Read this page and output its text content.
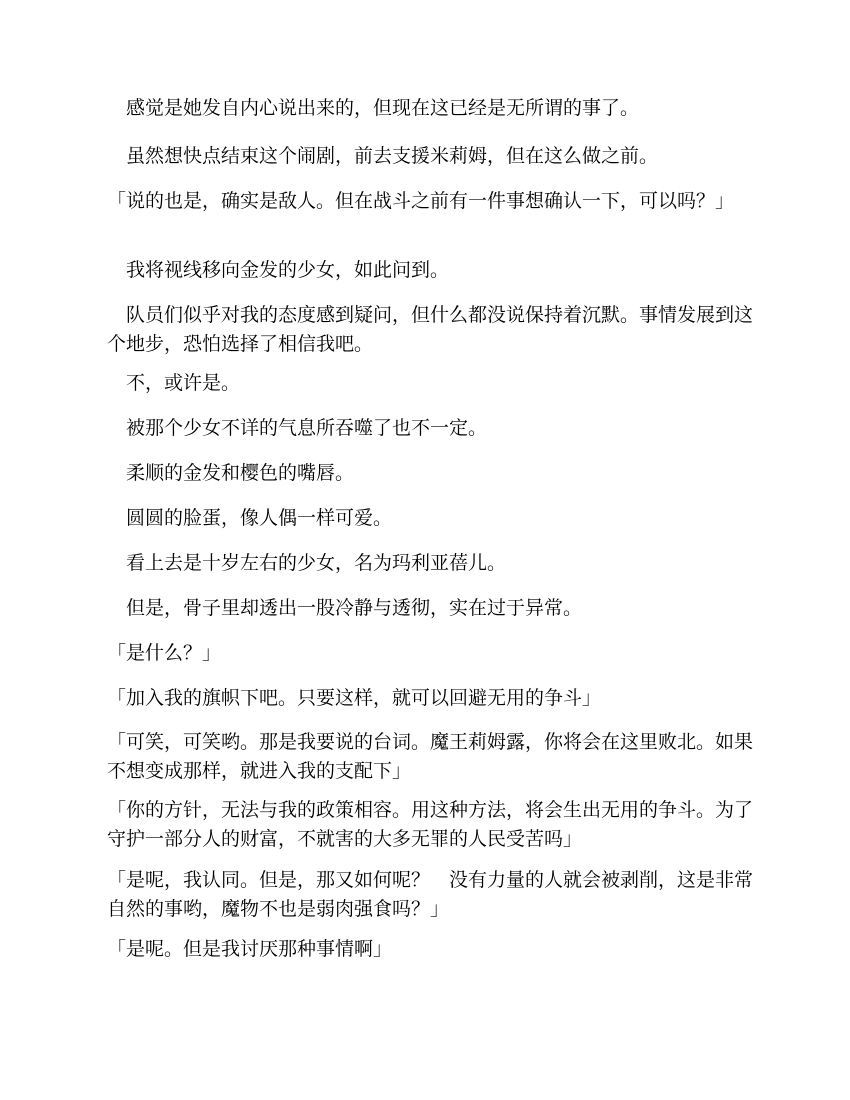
　感觉是她发自内心说出来的，但现在这已经是无所谓的事了。

　虽然想快点结束这个闹剧，前去支援米莉姆，但在这么做之前。

「说的也是，确实是敌人。但在战斗之前有一件事想确认一下，可以吗？」

　我将视线移向金发的少女，如此问到。

　队员们似乎对我的态度感到疑问，但什么都没说保持着沉默。事情发展到这个地步，恐怕选择了相信我吧。

　不，或许是。

　被那个少女不详的气息所吞噬了也不一定。

　柔顺的金发和樱色的嘴唇。

　圆圆的脸蛋，像人偶一样可爱。

　看上去是十岁左右的少女，名为玛利亚蓓儿。

　但是，骨子里却透出一股冷静与透彻，实在过于异常。

「是什么？」

「加入我的旗帜下吧。只要这样，就可以回避无用的争斗」

「可笑，可笑哟。那是我要说的台词。魔王莉姆露，你将会在这里败北。如果不想变成那样，就进入我的支配下」

「你的方针，无法与我的政策相容。用这种方法，将会生出无用的争斗。为了守护一部分人的财富，不就害的大多无罪的人民受苦吗」

「是呢，我认同。但是，那又如何呢？　没有力量的人就会被剥削，这是非常自然的事哟，魔物不也是弱肉强食吗？」

「是呢。但是我讨厌那种事情啊」
